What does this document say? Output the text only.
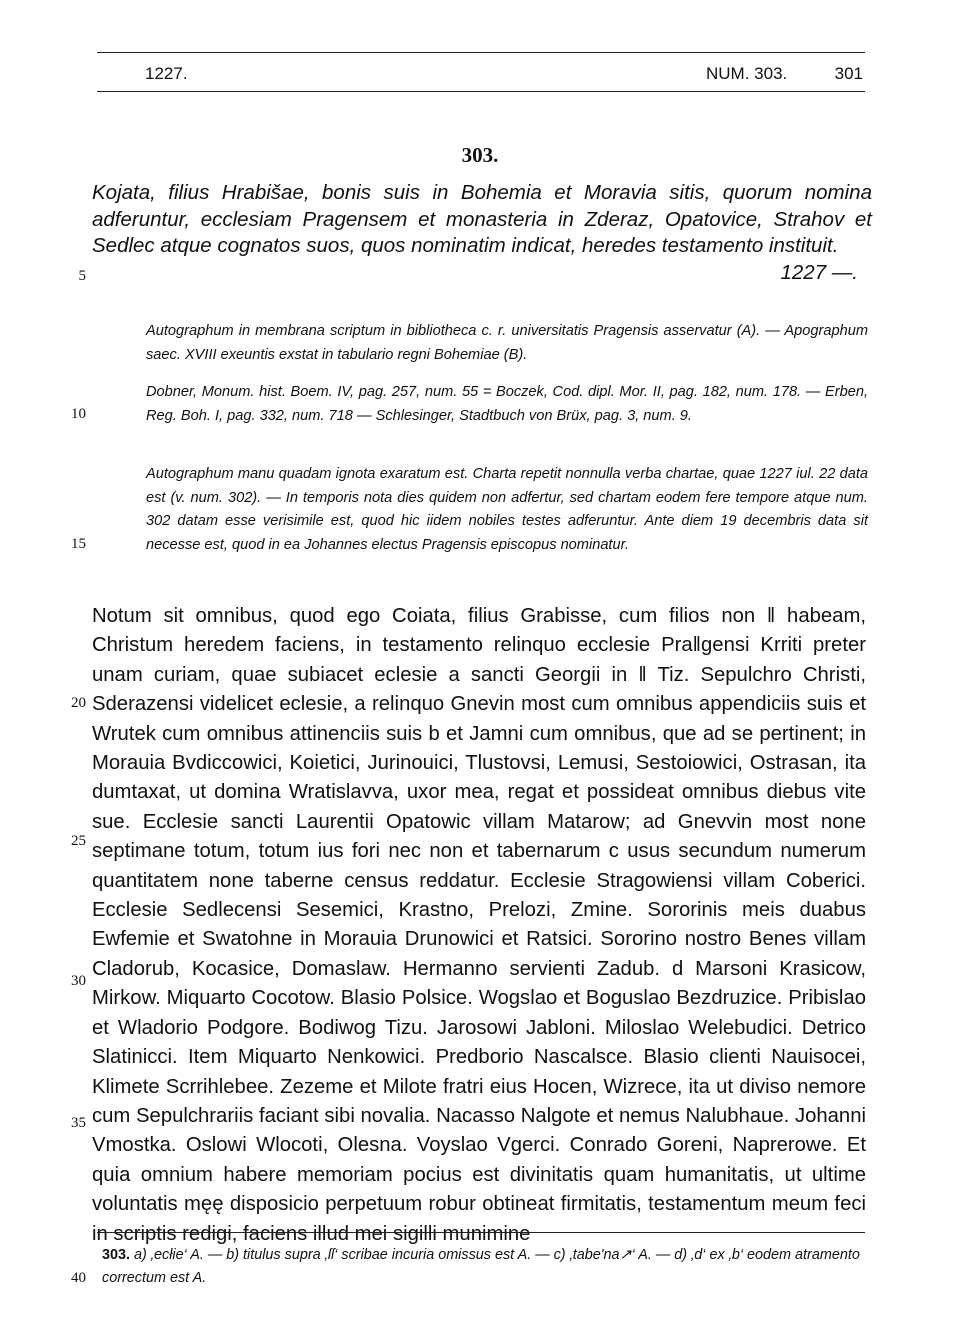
1227.	NUM. 303.	301
303.
Kojata, filius Hrabišae, bonis suis in Bohemia et Moravia sitis, quorum nomina adferuntur, ecclesiam Pragensem et monasteria in Zderaz, Opatovice, Strahov et Sedlec atque cognatos suos, quos nominatim indicat, heredes testamento instituit.
1227 —.
Autographum in membrana scriptum in bibliotheca c. r. universitatis Pragensis asservatur (A). — Apographum saec. XVIII exeuntis exstat in tabulario regni Bohemiae (B).
Dobner, Monum. hist. Boem. IV, pag. 257, num. 55 = Boczek, Cod. dipl. Mor. II, pag. 182, num. 178. — Erben, Reg. Boh. I, pag. 332, num. 718 — Schlesinger, Stadtbuch von Brüx, pag. 3, num. 9.
Autographum manu quadam ignota exaratum est. Charta repetit nonnulla verba chartae, quae 1227 iul. 22 data est (v. num. 302). — In temporis nota dies quidem non adfertur, sed chartam eodem fere tempore atque num. 302 datam esse verisimile est, quod hic iidem nobiles testes adferuntur. Ante diem 19 decembris data sit necesse est, quod in ea Johannes electus Pragensis episcopus nominatur.
Notum sit omnibus, quod ego Coiata, filius Grabisse, cum filios non ‖ habeam, Christum heredem faciens, in testamento relinquo ecclesie Pra‖gensi Krriti preter unam curiam, quae subiacet eclesie a sancti Georgii in ‖ Tiz. Sepulchro Christi, Sderazensi videlicet eclesie, a relinquo Gnevin most cum omnibus appendiciis suis et Wrutek cum omnibus attinenciis suis b et Jamni cum omnibus, que ad se pertinent; in Morauia Bvdiccowici, Koietici, Jurinouici, Tlustovsi, Lemusi, Sestoiowici, Ostrasan, ita dumtaxat, ut domina Wratislavva, uxor mea, regat et possideat omnibus diebus vite sue. Ecclesie sancti Laurentii Opatowic villam Matarow; ad Gnevvin most none septimane totum, totum ius fori nec non et tabernarum c usus secundum numerum quantitatem none taberne census reddatur. Ecclesie Stragowiensi villam Coberici. Ecclesie Sedlecensi Sesemici, Krastno, Prelozi, Zmine. Sororinis meis duabus Ewfemie et Swatohne in Morauia Drunowici et Ratsici. Sororino nostro Benes villam Cladorub, Kocasice, Domaslaw. Hermanno servienti Zadub. d Marsoni Krasicow, Mirkow. Miquarto Cocotow. Blasio Polsice. Wogslao et Boguslao Bezdruzice. Pribislao et Wladorio Podgore. Bodiwog Tizu. Jarosowi Jabloni. Miloslao Welebudici. Detrico Slatinicci. Item Miquarto Nenkowici. Predborio Nascalsce. Blasio clienti Nauisocei, Klimete Scrrihlebee. Zezeme et Milote fratri eius Hocen, Wizrece, ita ut diviso nemore cum Sepulchrariis faciant sibi novalia. Nacasso Nalgote et nemus Nalubhaue. Johanni Vmostka. Oslowi Wlocoti, Olesna. Voyslao Vgerci. Conrado Goreni, Naprerowe. Et quia omnium habere memoriam pocius est divinitatis quam humanitatis, ut ultime voluntatis męę disposicio perpetuum robur obtineat firmitatis, testamentum meum feci in scriptis redigi, faciens illud mei sigilli munimine
5
10
15
20
25
30
35
40
303. a) ‚ecłie‘ A. — b) titulus supra ‚ſſ‘ scribae incuria omissus est A. — c) ‚tabe'na↗‘ A. — d) ‚d‘ ex ‚b‘ eodem atramento correctum est A.
